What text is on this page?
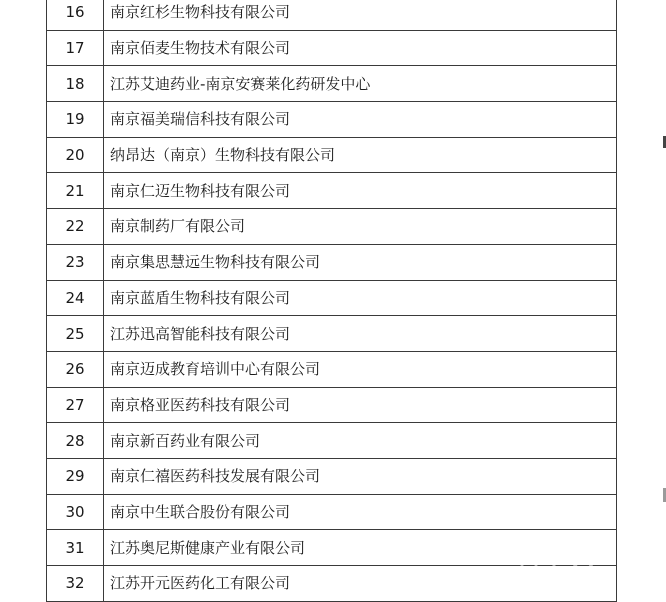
16	南京红杉生物科技有限公司
17	南京佰麦生物技术有限公司
18	江苏艾迪药业-南京安赛莱化药研发中心
19	南京福美瑞信科技有限公司
20	纳昂达（南京）生物科技有限公司
21	南京仁迈生物科技有限公司
22	南京制药厂有限公司
23	南京集思慧远生物科技有限公司
24	南京蓝盾生物科技有限公司
25	江苏迅高智能科技有限公司
26	南京迈成教育培训中心有限公司
27	南京格亚医药科技有限公司
28	南京新百药业有限公司
29	南京仁禧医药科技发展有限公司
30	南京中生联合股份有限公司
31	江苏奥尼斯健康产业有限公司
32	江苏开元医药化工有限公司
